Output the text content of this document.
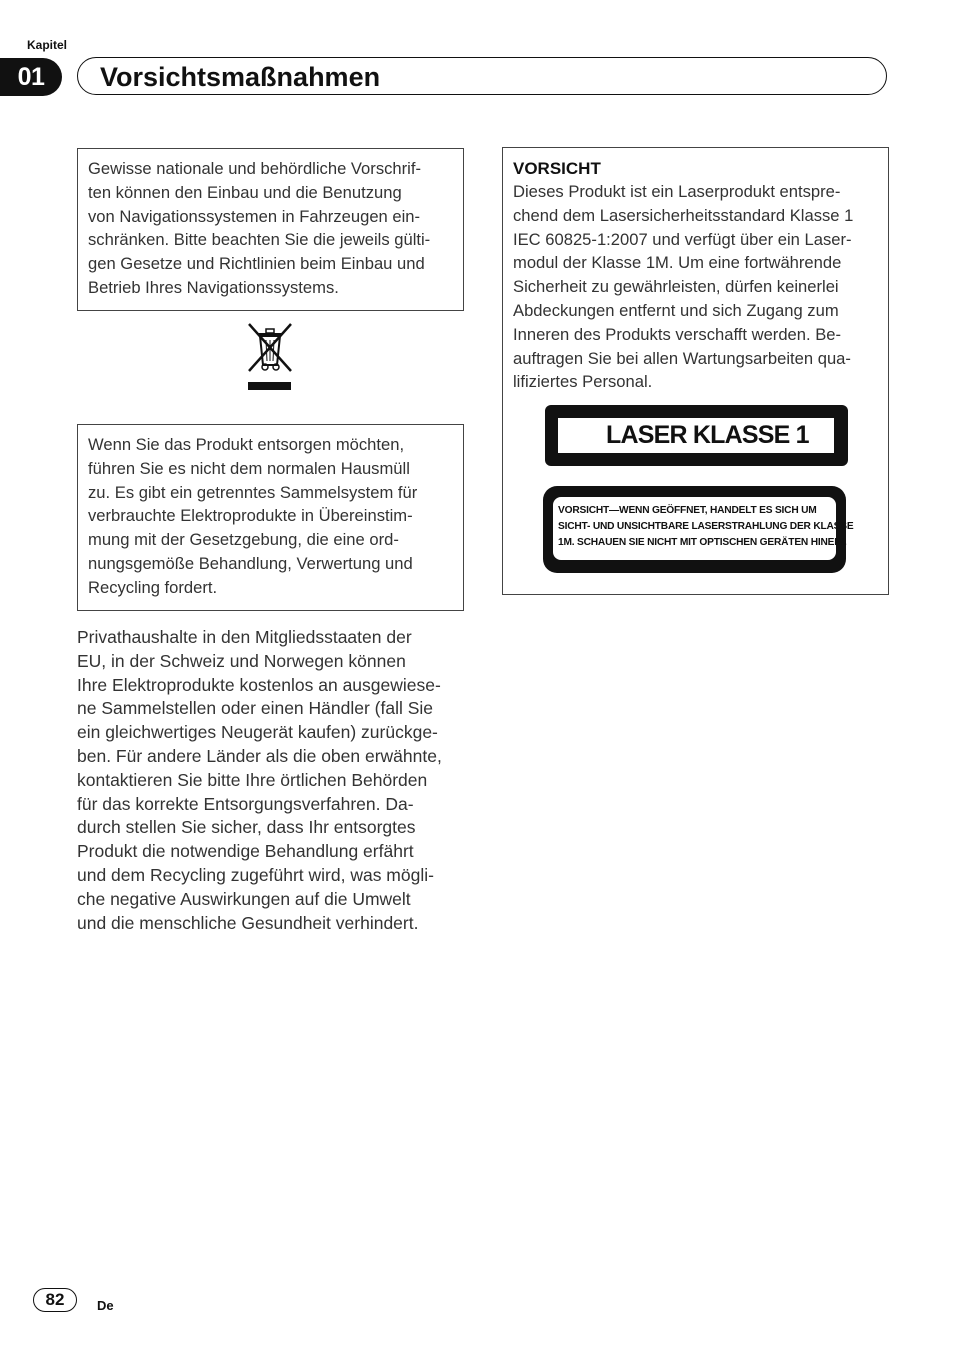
Kapitel
01	Vorsichtsmaßnahmen

Gewisse nationale und behördliche Vorschrif-
ten können den Einbau und die Benutzung
von Navigationssystemen in Fahrzeugen ein-
schränken. Bitte beachten Sie die jeweils gülti-
gen Gesetze und Richtlinien beim Einbau und
Betrieb Ihres Navigationssystems.

Wenn Sie das Produkt entsorgen möchten,
führen Sie es nicht dem normalen Hausmüll
zu. Es gibt ein getrenntes Sammelsystem für
verbrauchte Elektroprodukte in Übereinstim-
mung mit der Gesetzgebung, die eine ord-
nungsgemöße Behandlung, Verwertung und
Recycling fordert.

Privathaushalte in den Mitgliedsstaaten der
EU, in der Schweiz und Norwegen können
Ihre Elektroprodukte kostenlos an ausgewiese-
ne Sammelstellen oder einen Händler (fall Sie
ein gleichwertiges Neugerät kaufen) zurückge-
ben. Für andere Länder als die oben erwähnte,
kontaktieren Sie bitte Ihre örtlichen Behörden
für das korrekte Entsorgungsverfahren. Da-
durch stellen Sie sicher, dass Ihr entsorgtes
Produkt die notwendige Behandlung erfährt
und dem Recycling zugeführt wird, was mögli-
che negative Auswirkungen auf die Umwelt
und die menschliche Gesundheit verhindert.

VORSICHT

Dieses Produkt ist ein Laserprodukt entspre-
chend dem Lasersicherheitsstandard Klasse 1
IEC 60825-1:2007 und verfügt über ein Laser-
modul der Klasse 1M. Um eine fortwährende
Sicherheit zu gewährleisten, dürfen keinerlei
Abdeckungen entfernt und sich Zugang zum
Inneren des Produkts verschafft werden. Be-
auftragen Sie bei allen Wartungsarbeiten qua-
lifiziertes Personal.

LASER KLASSE 1
VORSICHT—WENN GEÖFFNET, HANDELT ES SICH UM
SICHT- UND UNSICHTBARE LASERSTRAHLUNG DER KLASSE
1M. SCHAUEN SIE NICHT MIT OPTISCHEN GERÄTEN HINEIN.
82	De
